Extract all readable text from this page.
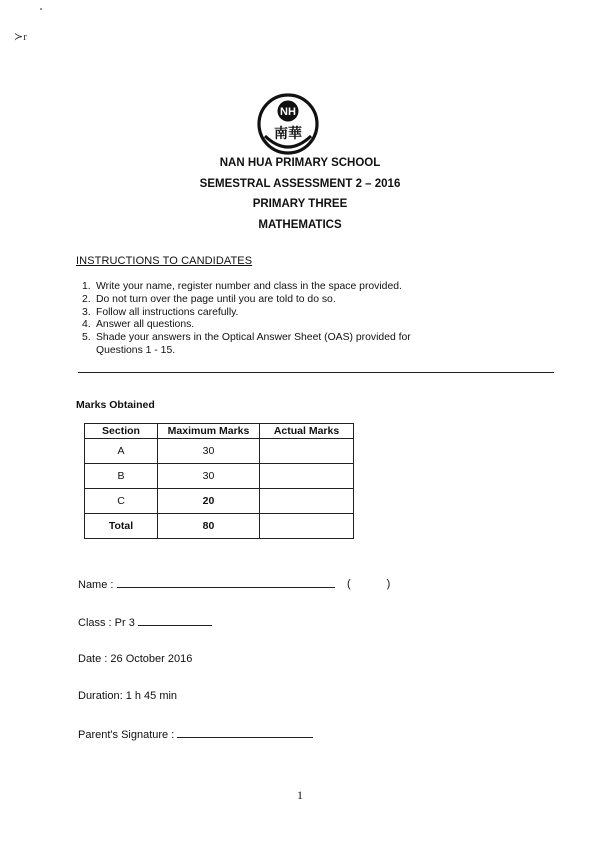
≻r
NH
南華
NAN HUA PRIMARY SCHOOL
SEMESTRAL ASSESSMENT 2 – 2016
PRIMARY THREE
MATHEMATICS
INSTRUCTIONS TO CANDIDATES
1. Write your name, register number and class in the space provided.
2. Do not turn over the page until you are told to do so.
3. Follow all instructions carefully.
4. Answer all questions.
5. Shade your answers in the Optical Answer Sheet (OAS) provided for Questions 1 - 15.
Marks Obtained
Section	Maximum Marks	Actual Marks
A	30	
B	30	
C	20	
Total	80	
Name :	(	)
Class : Pr 3
Date : 26 October 2016
Duration: 1 h 45 min
Parent's Signature :
1
